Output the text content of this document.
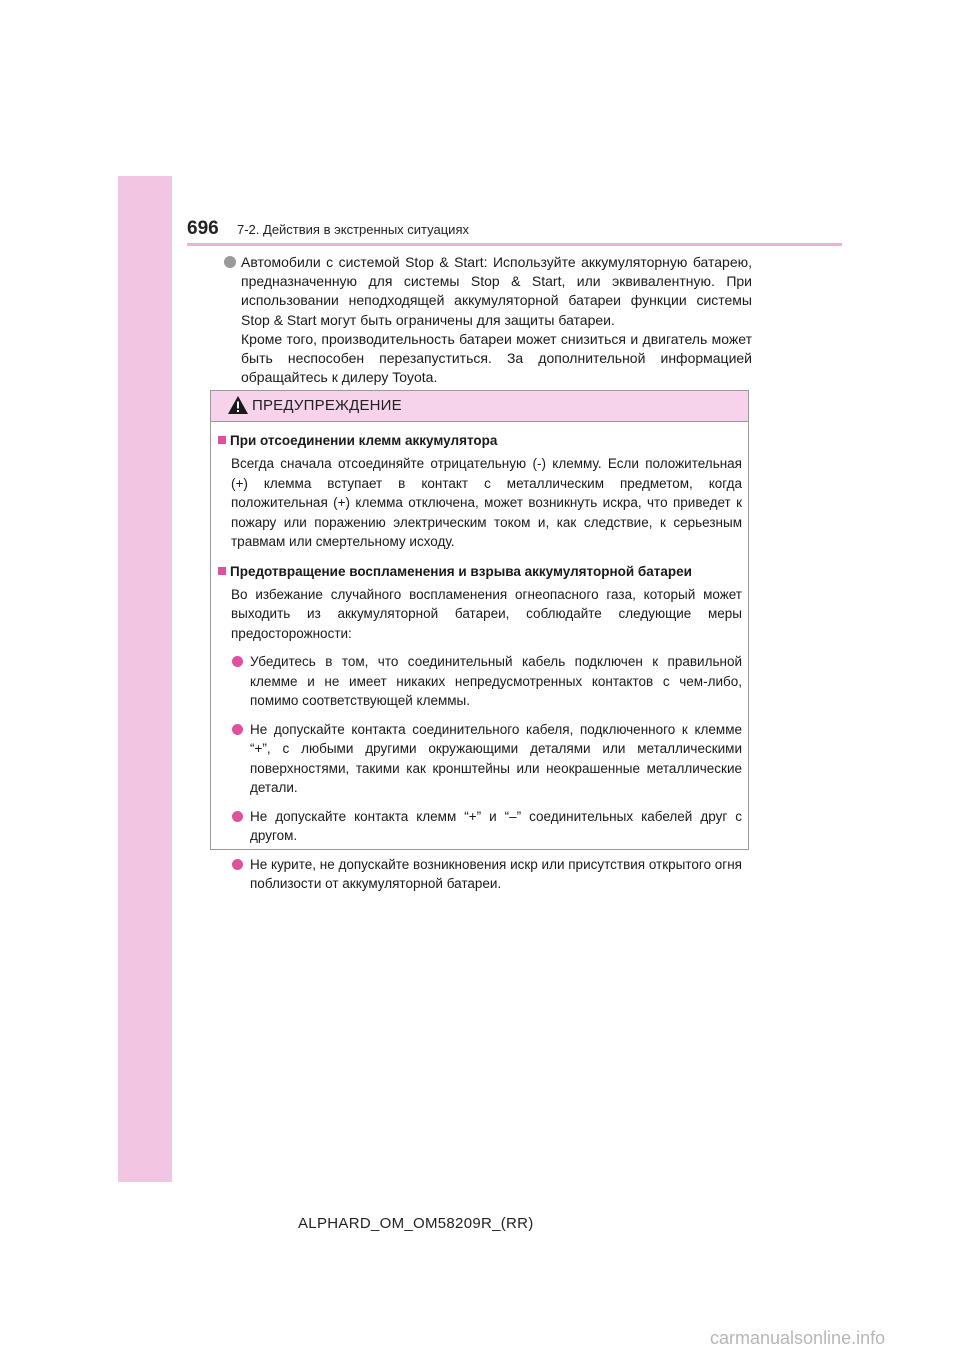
696 7-2. Действия в экстренных ситуациях

Автомобили с системой Stop & Start: Используйте аккумуляторную батарею, предназначенную для системы Stop & Start, или эквивалентную. При использовании неподходящей аккумуляторной батареи функции системы Stop & Start могут быть ограничены для защиты батареи.

Кроме того, производительность батареи может снизиться и двигатель может быть неспособен перезапуститься. За дополнительной информацией обращайтесь к дилеру Toyota.

ПРЕДУПРЕЖДЕНИЕ
При отсоединении клемм аккумулятора

Всегда сначала отсоединяйте отрицательную (-) клемму. Если положительная (+) клемма вступает в контакт с металлическим предметом, когда положительная (+) клемма отключена, может возникнуть искра, что приведет к пожару или поражению электрическим током и, как следствие, к серьезным травмам или смертельному исходу.

Предотвращение воспламенения и взрыва аккумуляторной батареи

Во избежание случайного воспламенения огнеопасного газа, который может выходить из аккумуляторной батареи, соблюдайте следующие меры предосторожности:

Убедитесь в том, что соединительный кабель подключен к правильной клемме и не имеет никаких непредусмотренных контактов с чем-либо, помимо соответствующей клеммы.
Не допускайте контакта соединительного кабеля, подключенного к клемме “+”, с любыми другими окружающими деталями или металлическими поверхностями, такими как кронштейны или неокрашенные металлические детали.
Не допускайте контакта клемм “+” и “–” соединительных кабелей друг с другом.
Не курите, не допускайте возникновения искр или присутствия открытого огня поблизости от аккумуляторной батареи.
ALPHARD_OM_OM58209R_(RR)
carmanualsonline.info
